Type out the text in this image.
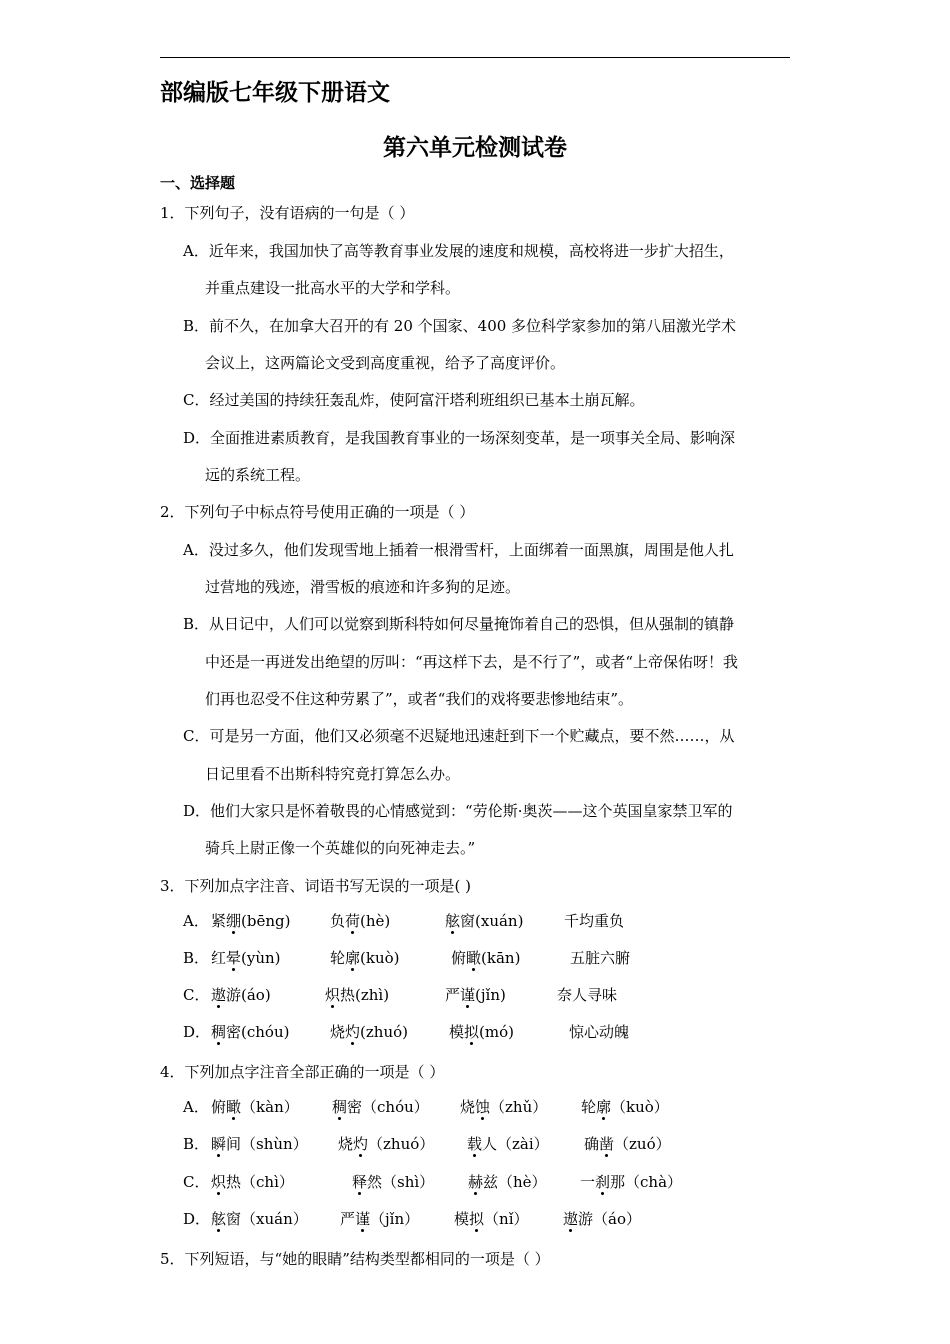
部编版七年级下册语文
第六单元检测试卷
一、选择题
1．下列句子，没有语病的一句是（ ）
A．近年来，我国加快了高等教育事业发展的速度和规模，高校将进一步扩大招生，
并重点建设一批高水平的大学和学科。
B．前不久，在加拿大召开的有 20 个国家、400 多位科学家参加的第八届激光学术
会议上，这两篇论文受到高度重视，给予了高度评价。
C．经过美国的持续狂轰乱炸，使阿富汗塔利班组织已基本土崩瓦解。
D．全面推进素质教育，是我国教育事业的一场深刻变革，是一项事关全局、影响深
远的系统工程。
2．下列句子中标点符号使用正确的一项是（ ）
A．没过多久，他们发现雪地上插着一根滑雪杆，上面绑着一面黑旗，周围是他人扎
过营地的残迹，滑雪板的痕迹和许多狗的足迹。
B．从日记中，人们可以觉察到斯科特如何尽量掩饰着自己的恐惧，但从强制的镇静
中还是一再迸发出绝望的厉叫：“再这样下去，是不行了”，或者“上帝保佑呀！我
们再也忍受不住这种劳累了”，或者“我们的戏将要悲惨地结束”。
C．可是另一方面，他们又必须毫不迟疑地迅速赶到下一个贮藏点，要不然……，从
日记里看不出斯科特究竟打算怎么办。
D．他们大家只是怀着敬畏的心情感觉到：“劳伦斯·奥茨——这个英国皇家禁卫军的
骑兵上尉正像一个英雄似的向死神走去。”
3．下列加点字注音、词语书写无误的一项是( )
A． 紧绷(bēng)	负荷(hè)	舷窗(xuán)	千均重负
B． 红晕(yùn)	轮廓(kuò)	俯瞰(kān)	五脏六腑
C． 遨游(áo)	炽热(zhì)	严谨(jǐn)	奈人寻味
D． 稠密(chóu)	烧灼(zhuó)	模拟(mó)	惊心动魄
4．下列加点字注音全部正确的一项是（ ）
A． 俯瞰（kàn） 稠密（chóu） 烧蚀（zhǔ） 轮廓（kuò）
B． 瞬间（shùn） 烧灼（zhuó） 载人（zài） 确凿（zuó）
C． 炽热（chì）	释然（shì） 赫兹（hè） 一刹那（chà）
D． 舷窗（xuán） 严谨（jǐn） 模拟（nǐ） 遨游（áo）
5．下列短语，与“她的眼睛”结构类型都相同的一项是（ ）
